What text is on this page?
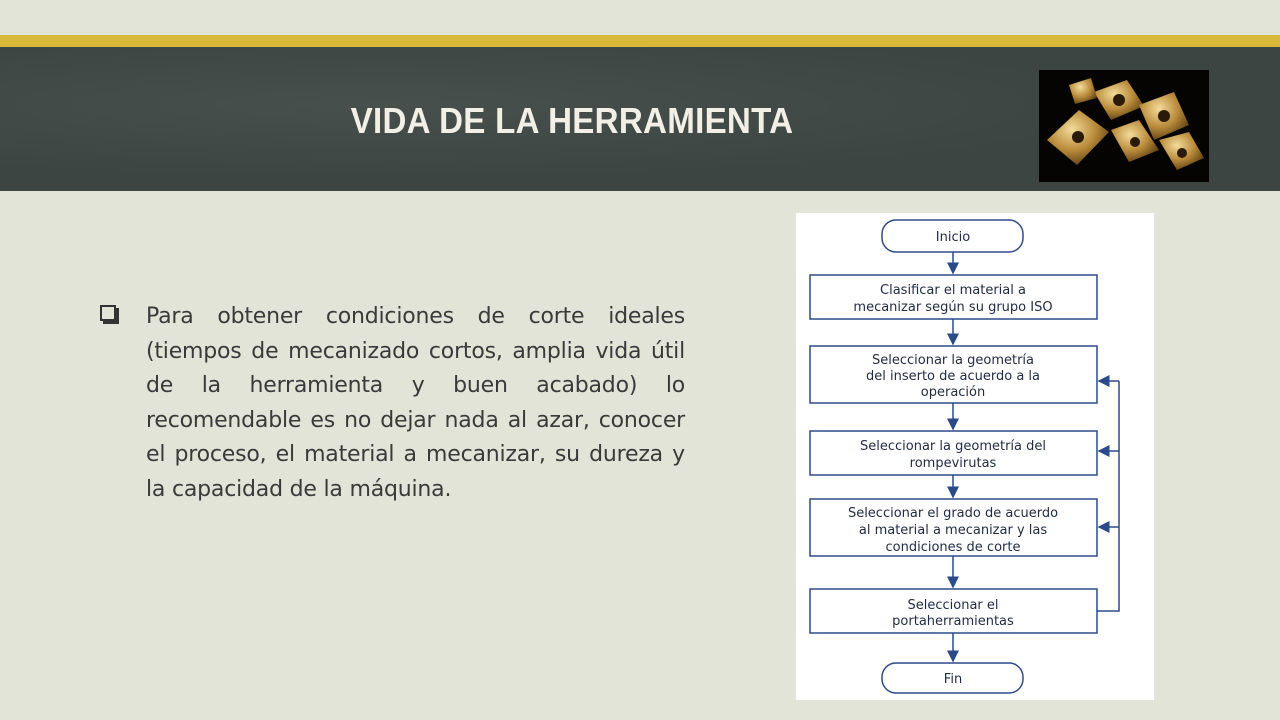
VIDA DE LA HERRAMIENTA
Para obtener condiciones de corte ideales (tiempos de mecanizado cortos, amplia vida útil de la herramienta y buen acabado) lo recomendable es no dejar nada al azar, conocer el proceso, el material a mecanizar, su dureza y la capacidad de la máquina.
Inicio
Clasificar el material a
mecanizar según su grupo ISO
Seleccionar la geometría
del inserto de acuerdo a la
operación
Seleccionar la geometría del
rompevirutas
Seleccionar el grado de acuerdo
al material a mecanizar y las
condiciones de corte
Seleccionar el
portaherramientas
Fin
